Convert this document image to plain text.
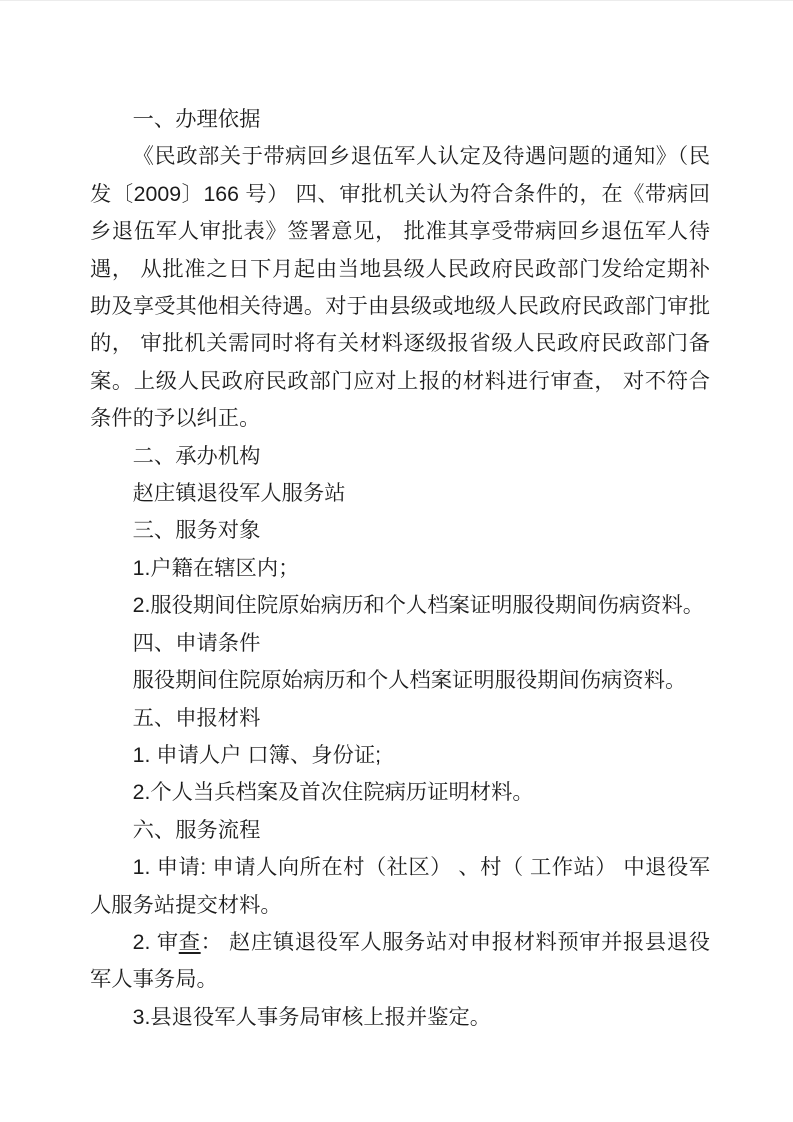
一、办理依据

《民政部关于带病回乡退伍军人认定及待遇问题的通知》（民发〔2009〕166 号） 四、审批机关认为符合条件的，在《带病回乡退伍军人审批表》签署意见， 批准其享受带病回乡退伍军人待遇， 从批准之日下月起由当地县级人民政府民政部门发给定期补助及享受其他相关待遇。对于由县级或地级人民政府民政部门审批的， 审批机关需同时将有关材料逐级报省级人民政府民政部门备案。上级人民政府民政部门应对上报的材料进行审查， 对不符合条件的予以纠正。

二、承办机构

赵庄镇退役军人服务站

三、服务对象

1.户籍在辖区内；

2.服役期间住院原始病历和个人档案证明服役期间伤病资料。

四、申请条件

服役期间住院原始病历和个人档案证明服役期间伤病资料。

五、申报材料

1. 申请人户 口簿、身份证;

2.个人当兵档案及首次住院病历证明材料。

六、服务流程

1. 申请: 申请人向所在村（社区） 、村（ 工作站） 中退役军人服务站提交材料。

2. 审查： 赵庄镇退役军人服务站对申报材料预审并报县退役军人事务局。

3.县退役军人事务局审核上报并鉴定。
